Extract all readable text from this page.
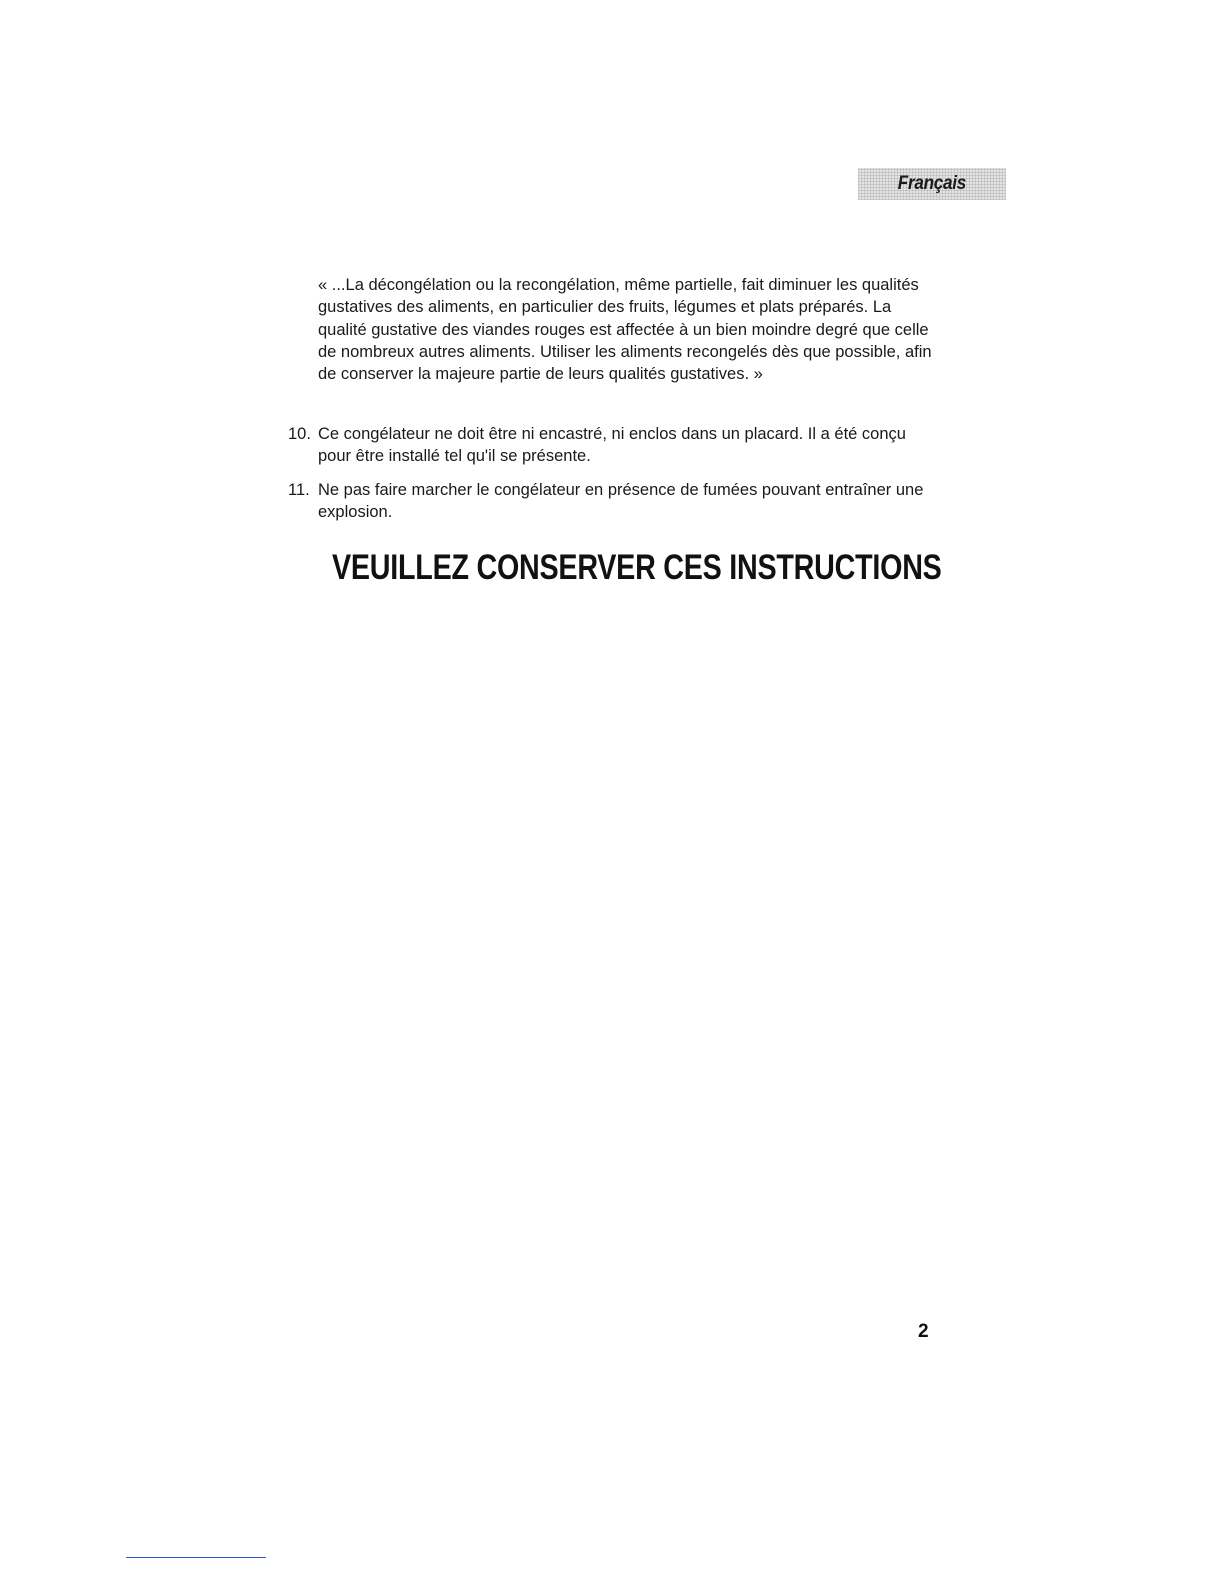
Français

« ...La décongélation ou la recongélation, même partielle, fait diminuer les qualités gustatives des aliments, en particulier des fruits, légumes et plats préparés. La qualité gustative des viandes rouges est affectée à un bien moindre degré que celle de nombreux autres aliments. Utiliser les aliments recongelés dès que possible, afin de conserver la majeure partie de leurs qualités gustatives. »

10. Ce congélateur ne doit être ni encastré, ni enclos dans un placard. Il a été conçu pour être installé tel qu'il se présente.

11. Ne pas faire marcher le congélateur en présence de fumées pouvant entraîner une explosion.

VEUILLEZ CONSERVER CES INSTRUCTIONS
2
